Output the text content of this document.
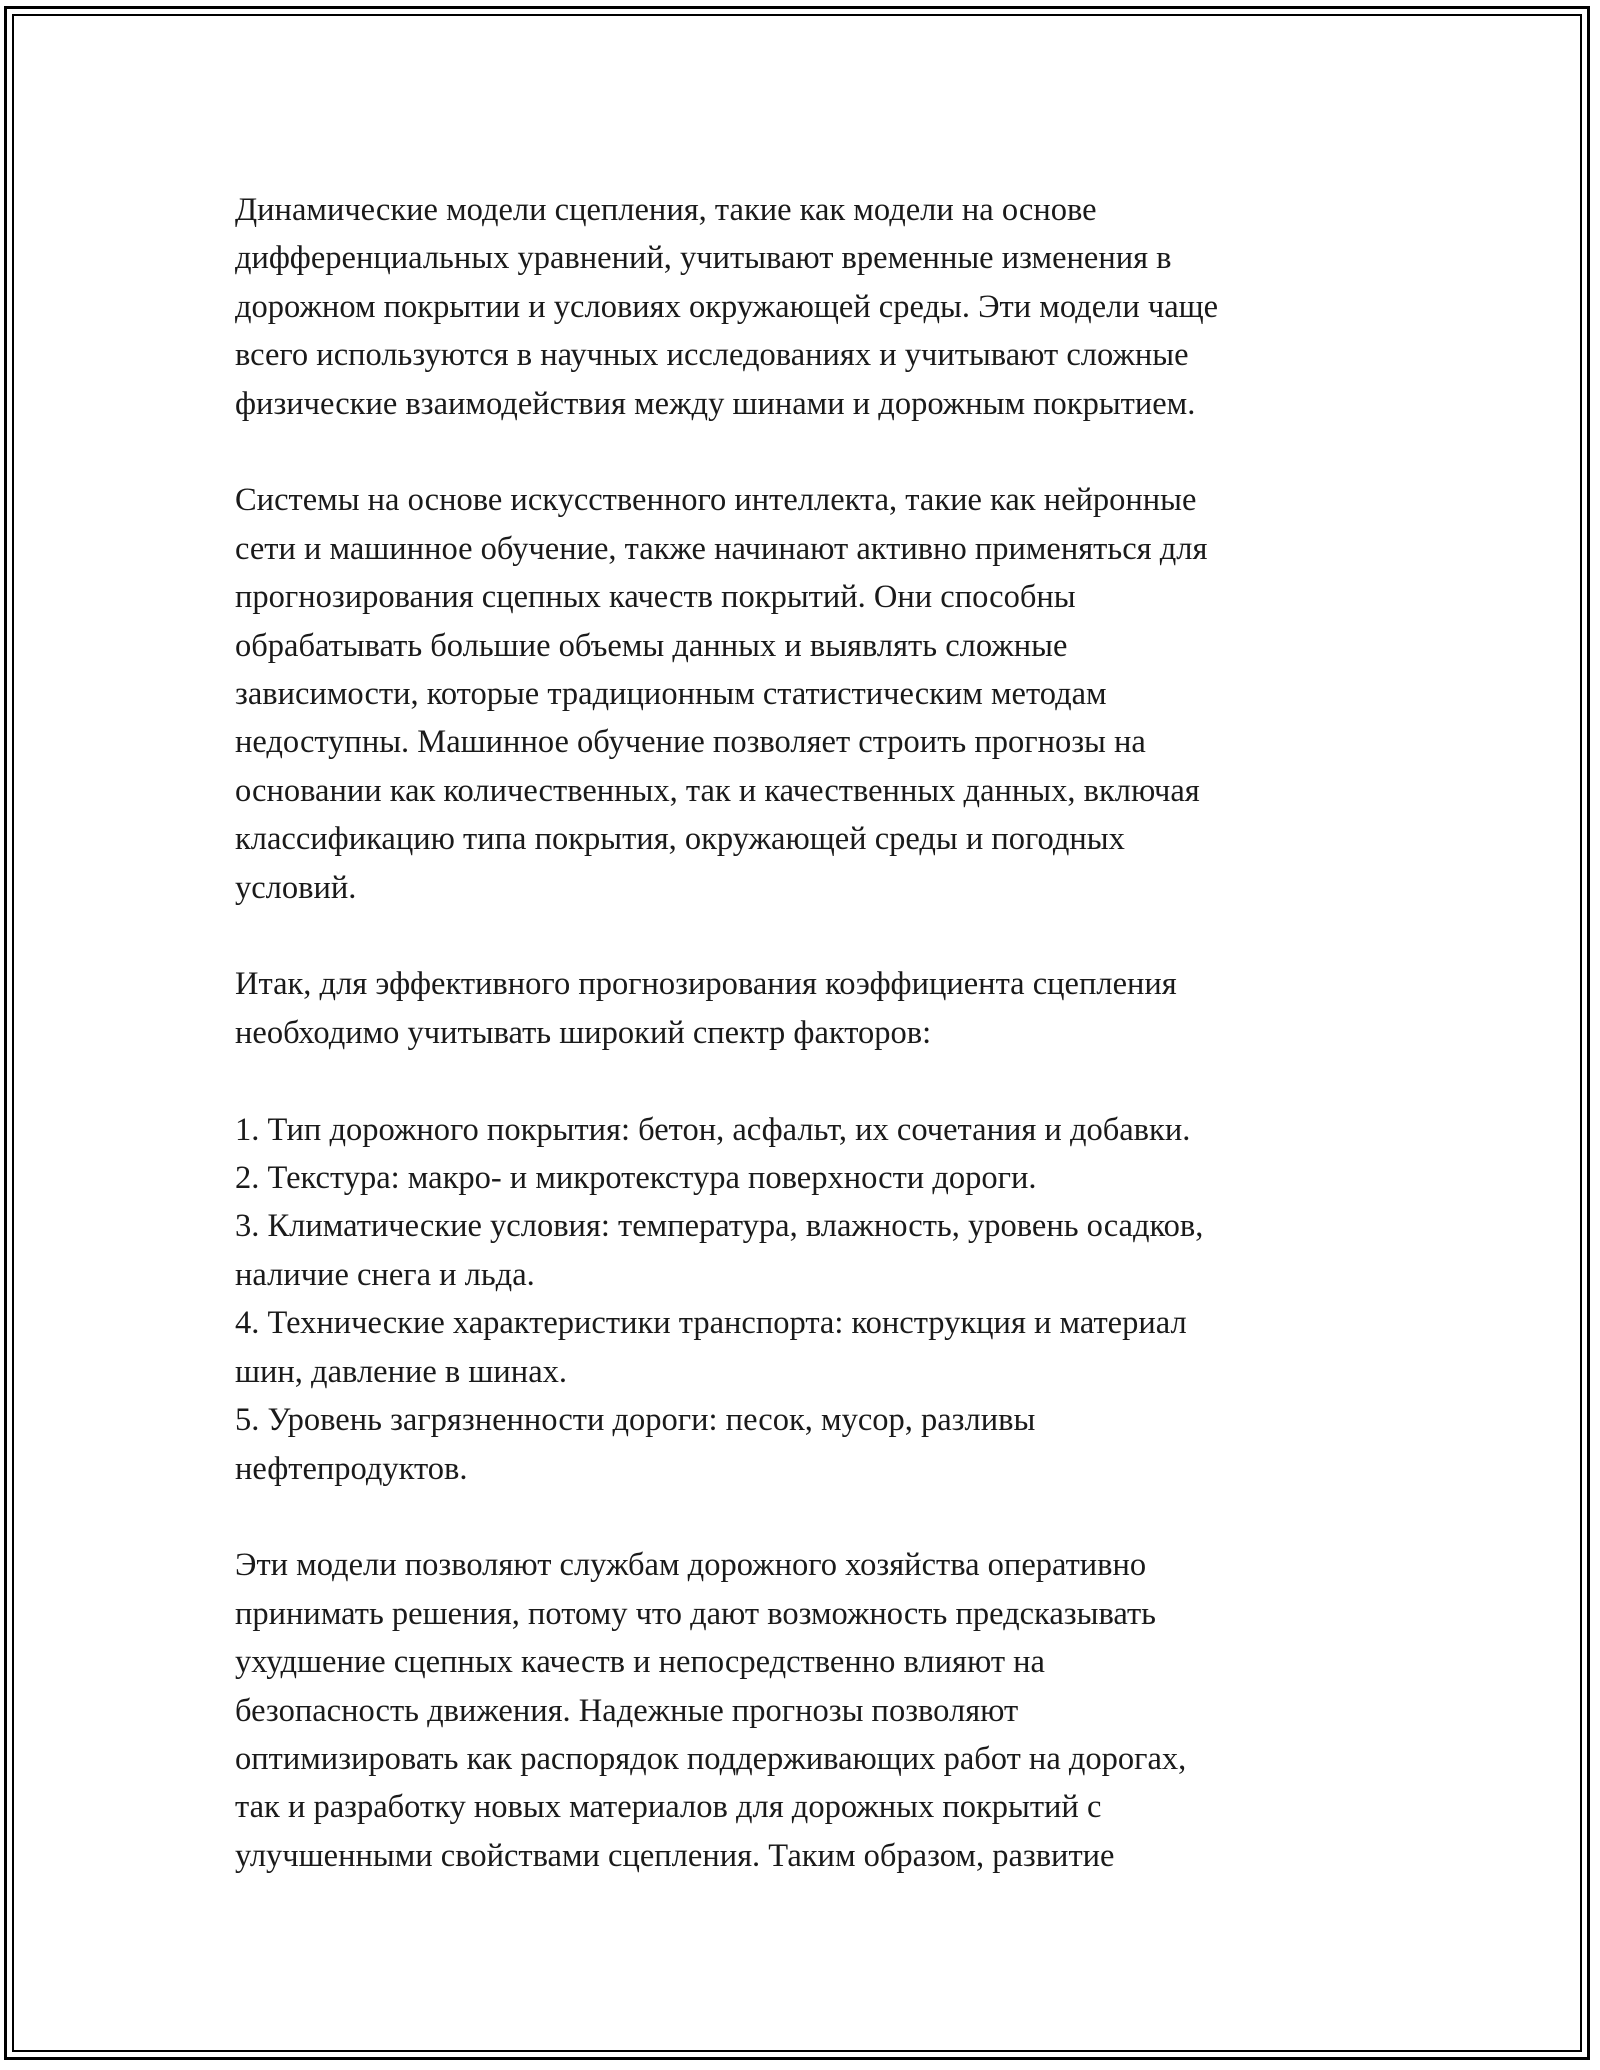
Динамические модели сцепления, такие как модели на основе
дифференциальных уравнений, учитывают временные изменения в
дорожном покрытии и условиях окружающей среды. Эти модели чаще
всего используются в научных исследованиях и учитывают сложные
физические взаимодействия между шинами и дорожным покрытием.

Системы на основе искусственного интеллекта, такие как нейронные
сети и машинное обучение, также начинают активно применяться для
прогнозирования сцепных качеств покрытий. Они способны
обрабатывать большие объемы данных и выявлять сложные
зависимости, которые традиционным статистическим методам
недоступны. Машинное обучение позволяет строить прогнозы на
основании как количественных, так и качественных данных, включая
классификацию типа покрытия, окружающей среды и погодных
условий.

Итак, для эффективного прогнозирования коэффициента сцепления
необходимо учитывать широкий спектр факторов:

1. Тип дорожного покрытия: бетон, асфальт, их сочетания и добавки.
2. Текстура: макро- и микротекстура поверхности дороги.
3. Климатические условия: температура, влажность, уровень осадков,
наличие снега и льда.
4. Технические характеристики транспорта: конструкция и материал
шин, давление в шинах.
5. Уровень загрязненности дороги: песок, мусор, разливы
нефтепродуктов.

Эти модели позволяют службам дорожного хозяйства оперативно
принимать решения, потому что дают возможность предсказывать
ухудшение сцепных качеств и непосредственно влияют на
безопасность движения. Надежные прогнозы позволяют
оптимизировать как распорядок поддерживающих работ на дорогах,
так и разработку новых материалов для дорожных покрытий с
улучшенными свойствами сцепления. Таким образом, развитие
